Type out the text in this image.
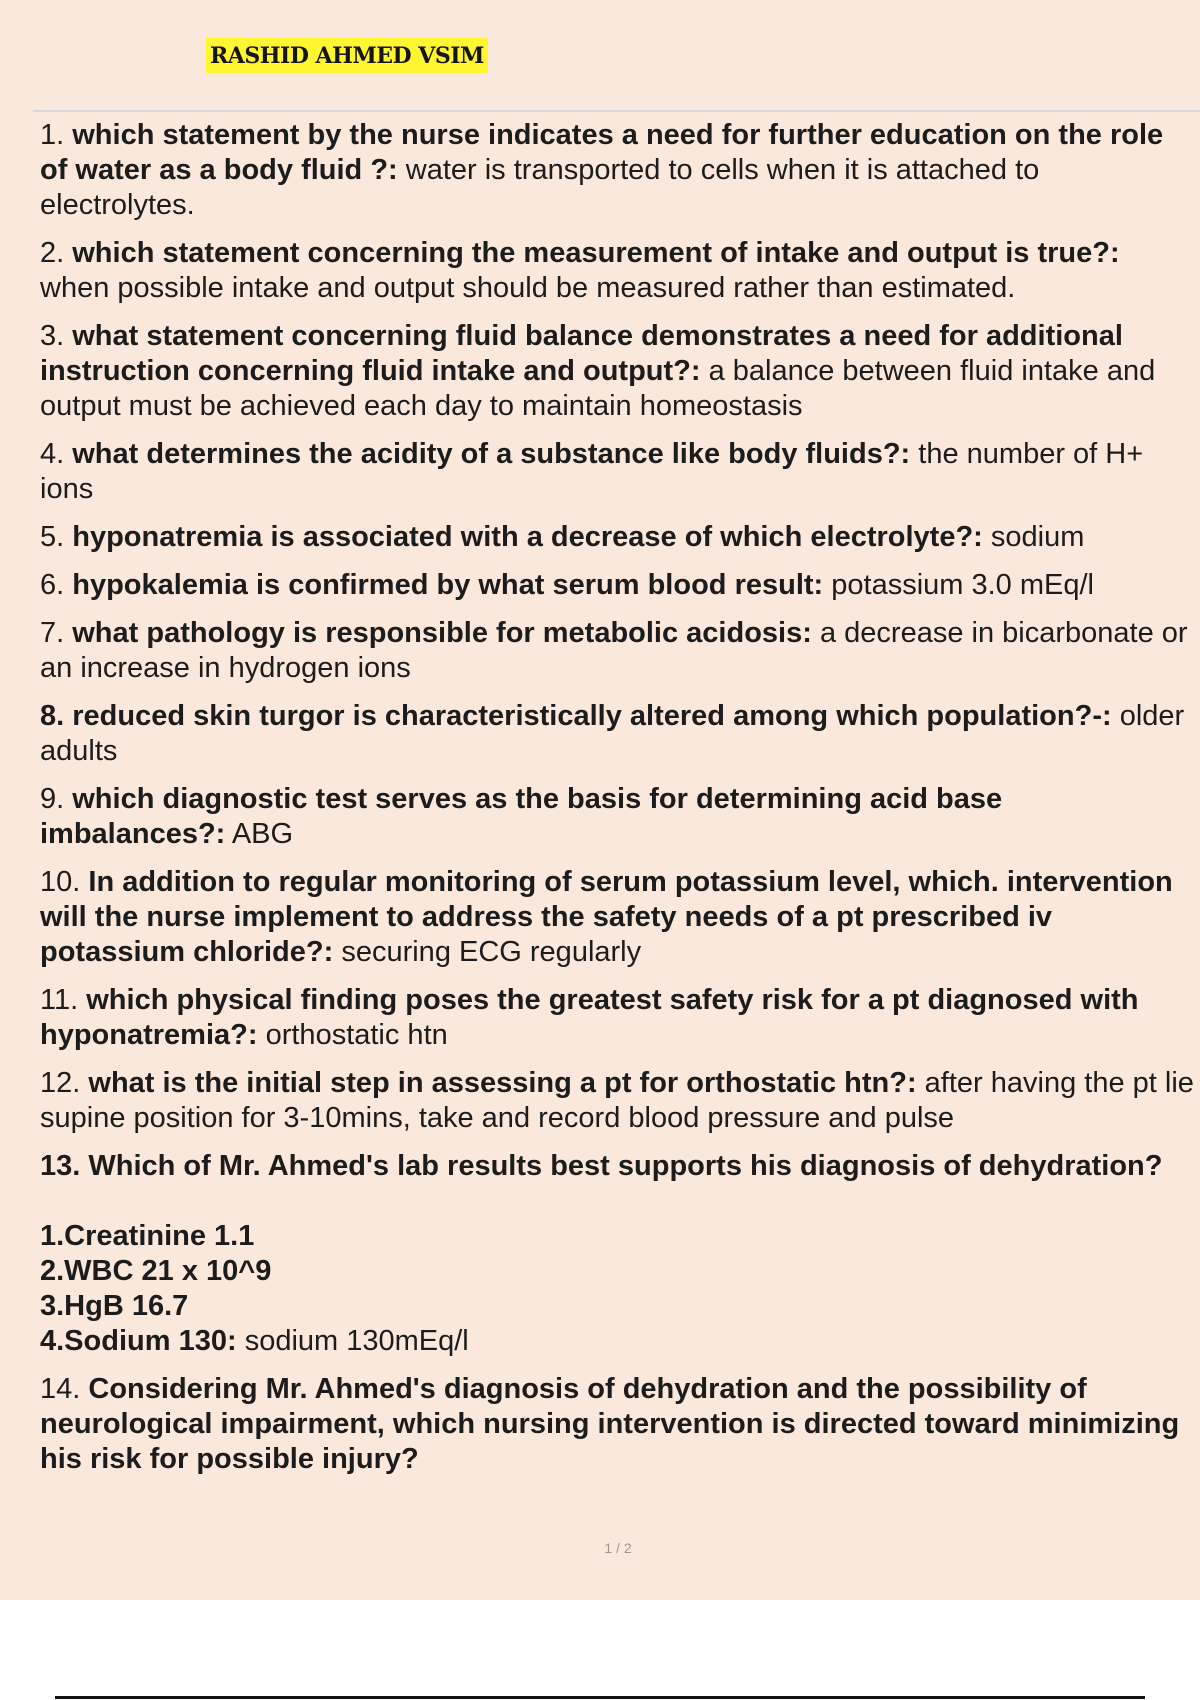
RASHID AHMED VSIM
1. which statement by the nurse indicates a need for further education on the role of water as a body fluid ?: water is transported to cells when it is attached to electrolytes.
2. which statement concerning the measurement of intake and output is true?: when possible intake and output should be measured rather than estimated.
3. what statement concerning fluid balance demonstrates a need for additional instruction concerning fluid intake and output?: a balance between fluid intake and output must be achieved each day to maintain homeostasis
4. what determines the acidity of a substance like body fluids?: the number of H+ ions
5. hyponatremia is associated with a decrease of which electrolyte?: sodium
6. hypokalemia is confirmed by what serum blood result: potassium 3.0 mEq/l
7. what pathology is responsible for metabolic acidosis: a decrease in bicarbonate or an increase in hydrogen ions
8. reduced skin turgor is characteristically altered among which population?-: older adults
9. which diagnostic test serves as the basis for determining acid base imbalances?: ABG
10. In addition to regular monitoring of serum potassium level, which. intervention will the nurse implement to address the safety needs of a pt prescribed iv potassium chloride?: securing ECG regularly
11. which physical finding poses the greatest safety risk for a pt diagnosed with hyponatremia?: orthostatic htn
12. what is the initial step in assessing a pt for orthostatic htn?: after having the pt lie supine position for 3-10mins, take and record blood pressure and pulse
13. Which of Mr. Ahmed's lab results best supports his diagnosis of dehydration?
1.Creatinine 1.1
2.WBC 21 x 10^9
3.HgB 16.7
4.Sodium 130: sodium 130mEq/l
14. Considering Mr. Ahmed's diagnosis of dehydration and the possibility of neurological impairment, which nursing intervention is directed toward minimizing his risk for possible injury?
1 / 2
